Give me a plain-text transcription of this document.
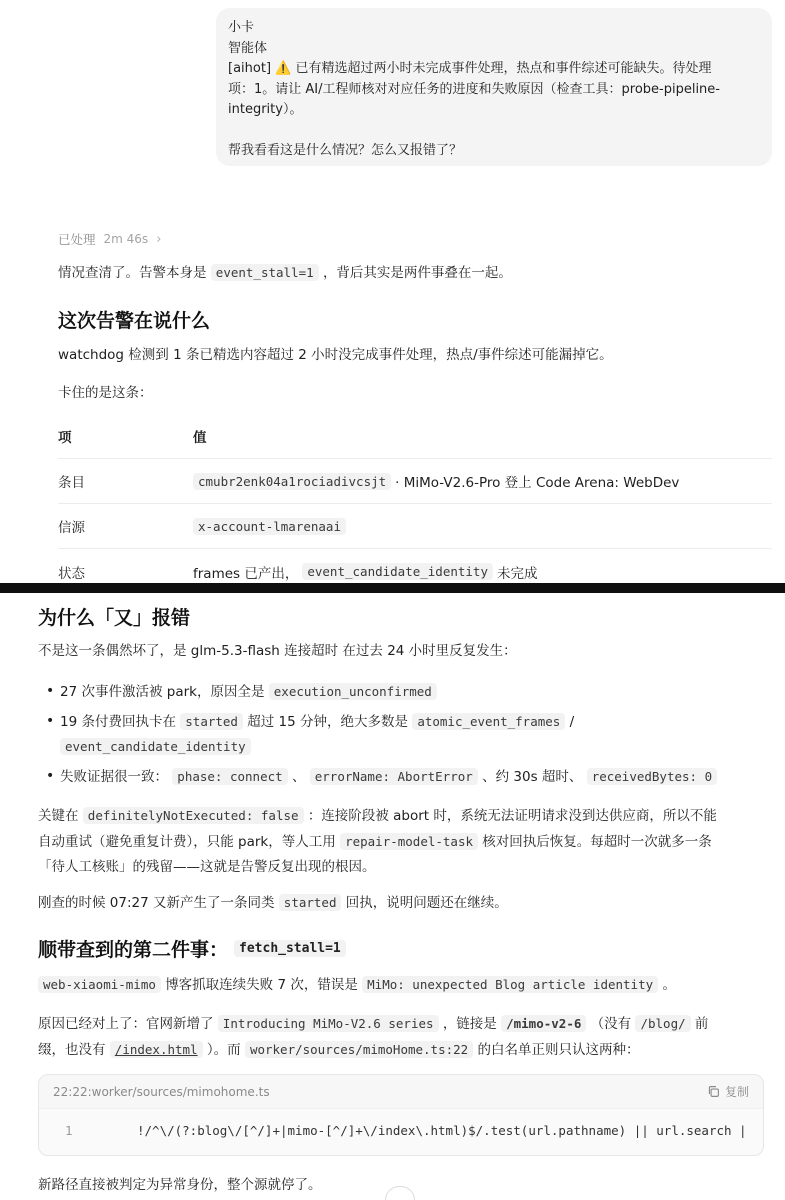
小卡
智能体
[aihot] ⚠️ 已有精选超过两小时未完成事件处理，热点和事件综述可能缺失。待处理
项：1。请让 AI/工程师核对对应任务的进度和失败原因（检查工具：probe-pipeline-
integrity）。
帮我看看这是什么情况？怎么又报错了？
已处理 2m 46s ›
情况查清了。告警本身是 event_stall=1 ，背后其实是两件事叠在一起。
这次告警在说什么
watchdog 检测到 1 条已精选内容超过 2 小时没完成事件处理，热点/事件综述可能漏掉它。
卡住的是这条：
项	值
条目	cmubr2enk04a1rociadivcsjt · MiMo-V2.6-Pro 登上 Code Arena: WebDev
信源	x-account-lmarenaai
状态	frames 已产出， event_candidate_identity 未完成
为什么「又」报错
不是这一条偶然坏了，是 glm-5.3-flash 连接超时 在过去 24 小时里反复发生：
• 27 次事件激活被 park，原因全是 execution_unconfirmed
• 19 条付费回执卡在 started 超过 15 分钟，绝大多数是 atomic_event_frames /
event_candidate_identity
• 失败证据很一致： phase: connect 、 errorName: AbortError 、约 30s 超时、 receivedBytes: 0
关键在 definitelyNotExecuted: false ：连接阶段被 abort 时，系统无法证明请求没到达供应商，所以不能
自动重试（避免重复计费），只能 park，等人工用 repair-model-task 核对回执后恢复。每超时一次就多一条
「待人工核账」的残留——这就是告警反复出现的根因。
刚查的时候 07:27 又新产生了一条同类 started 回执，说明问题还在继续。
顺带查到的第二件事： fetch_stall=1
web-xiaomi-mimo 博客抓取连续失败 7 次，错误是 MiMo: unexpected Blog article identity 。
原因已经对上了：官网新增了 Introducing MiMo-V2.6 series ，链接是 /mimo-v2-6 （没有 /blog/ 前
缀，也没有 /index.html ）。而 worker/sources/mimoHome.ts:22 的白名单正则只认这两种：
22:22:worker/sources/mimohome.ts	复制
1	!/^\/(?:blog\/[^/]+|mimo-[^/]+\/index\.html)$/.test(url.pathname) || url.search |
新路径直接被判定为异常身份，整个源就停了。
